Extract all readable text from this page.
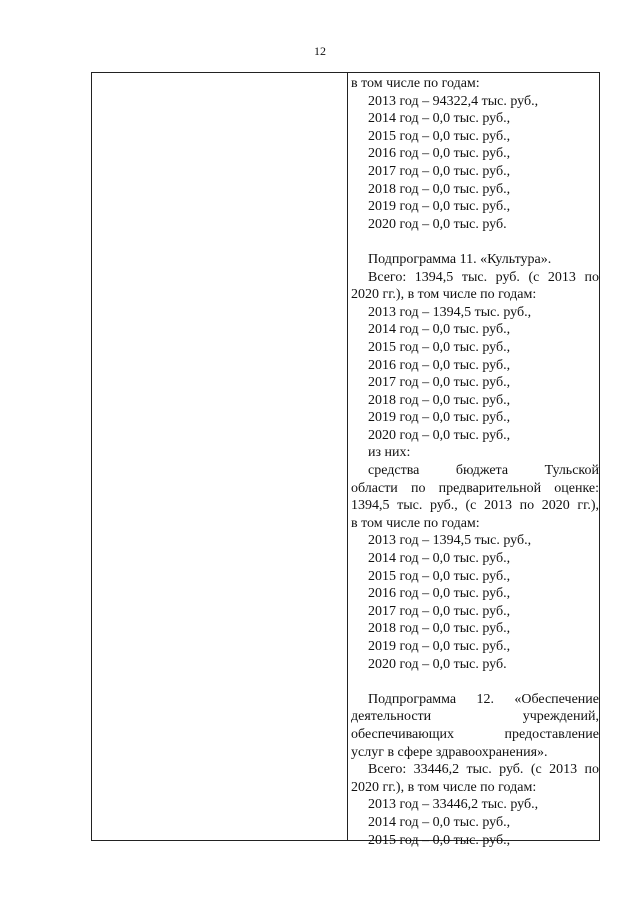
12
в том числе по годам:
2013 год – 94322,4 тыс. руб.,
2014 год – 0,0 тыс. руб.,
2015 год – 0,0 тыс. руб.,
2016 год – 0,0 тыс. руб.,
2017 год – 0,0 тыс. руб.,
2018 год – 0,0 тыс. руб.,
2019 год – 0,0 тыс. руб.,
2020 год – 0,0 тыс. руб.
Подпрограмма 11. «Культура».
Всего: 1394,5 тыс. руб. (с 2013 по
2020 гг.), в том числе по годам:
2013 год – 1394,5 тыс. руб.,
2014 год – 0,0 тыс. руб.,
2015 год – 0,0 тыс. руб.,
2016 год – 0,0 тыс. руб.,
2017 год – 0,0 тыс. руб.,
2018 год – 0,0 тыс. руб.,
2019 год – 0,0 тыс. руб.,
2020 год – 0,0 тыс. руб.,
из них:
средства бюджета Тульской
области по предварительной оценке:
1394,5 тыс. руб., (с 2013 по 2020 гг.),
в том числе по годам:
2013 год – 1394,5 тыс. руб.,
2014 год – 0,0 тыс. руб.,
2015 год – 0,0 тыс. руб.,
2016 год – 0,0 тыс. руб.,
2017 год – 0,0 тыс. руб.,
2018 год – 0,0 тыс. руб.,
2019 год – 0,0 тыс. руб.,
2020 год – 0,0 тыс. руб.
Подпрограмма 12. «Обеспечение
деятельности учреждений,
обеспечивающих предоставление
услуг в сфере здравоохранения».
Всего: 33446,2 тыс. руб. (с 2013 по
2020 гг.), в том числе по годам:
2013 год – 33446,2 тыс. руб.,
2014 год – 0,0 тыс. руб.,
2015 год – 0,0 тыс. руб.,
